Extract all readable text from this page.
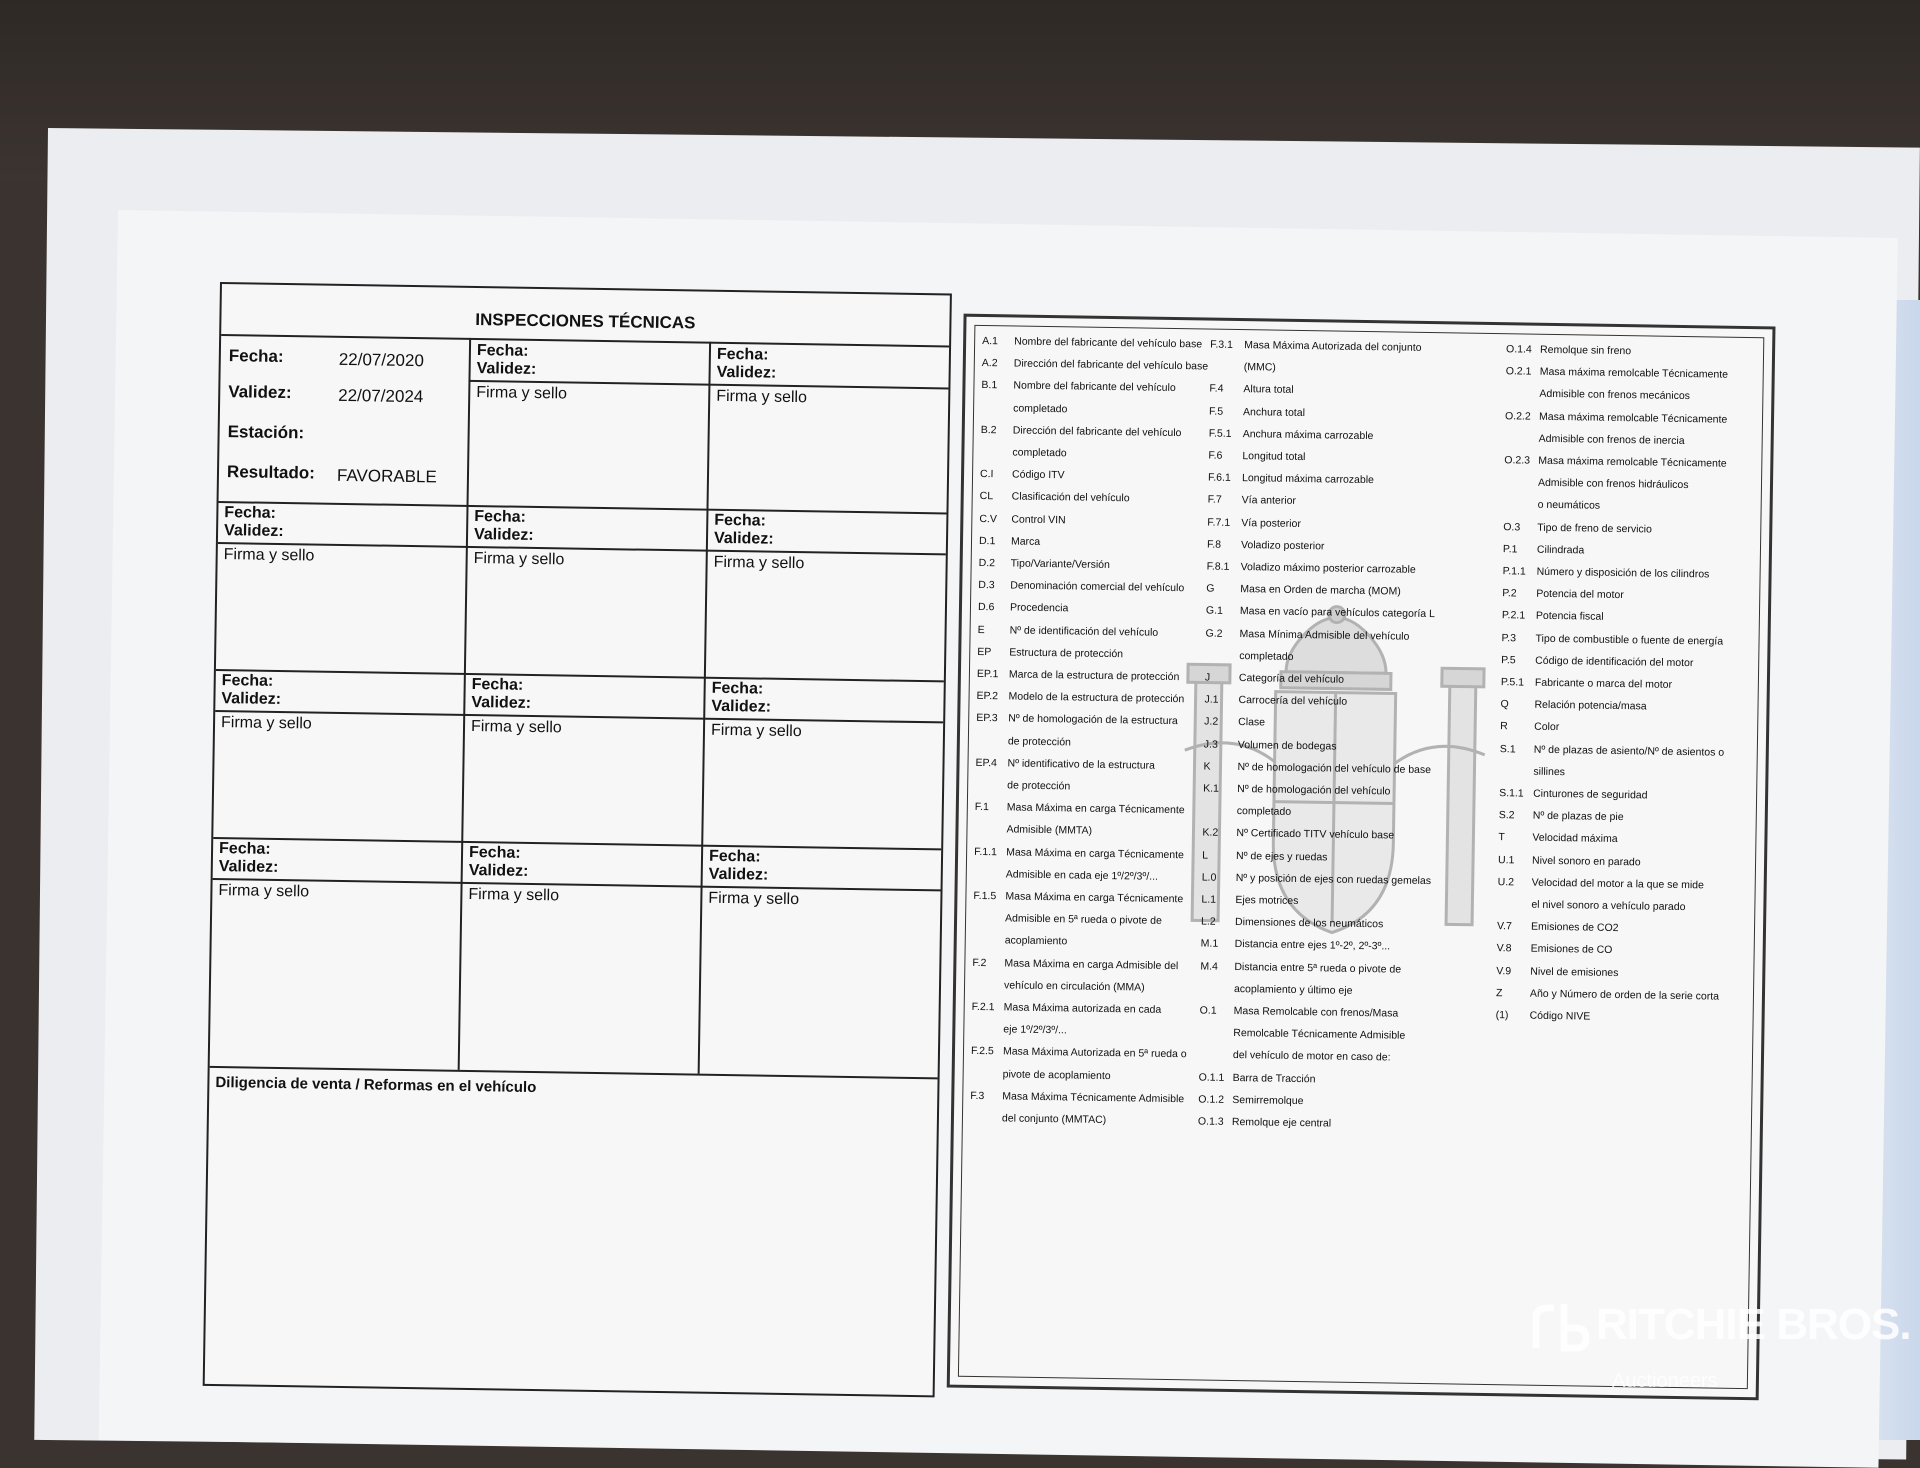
INSPECCIONES TÉCNICAS
Fecha:	22/07/2020
Validez:	22/07/2024
Estación:
Resultado: FAVORABLE
Fecha:
Validez:
Firma y sello
Fecha:
Validez:
Firma y sello
Fecha:
Validez:
Firma y sello
Fecha:
Validez:
Firma y sello
Fecha:
Validez:
Firma y sello
Fecha:
Validez:
Firma y sello
Fecha:
Validez:
Firma y sello
Fecha:
Validez:
Firma y sello
Fecha:
Validez:
Firma y sello
Fecha:
Validez:
Firma y sello
Fecha:
Validez:
Firma y sello
Diligencia de venta / Reformas en el vehículo
A.1 Nombre del fabricante del vehículo base
A.2 Dirección del fabricante del vehículo base
B.1 Nombre del fabricante del vehículo
completado
B.2 Dirección del fabricante del vehículo
completado
C.I Código ITV
CL Clasificación del vehículo
C.V Control VIN
D.1 Marca
D.2 Tipo/Variante/Versión
D.3 Denominación comercial del vehículo
D.6 Procedencia
E Nº de identificación del vehículo
EP Estructura de protección
EP.1 Marca de la estructura de protección
EP.2 Modelo de la estructura de protección
EP.3 Nº de homologación de la estructura
de protección
EP.4 Nº identificativo de la estructura
de protección
F.1 Masa Máxima en carga Técnicamente
Admisible (MMTA)
F.1.1 Masa Máxima en carga Técnicamente
Admisible en cada eje 1º/2º/3º/...
F.1.5 Masa Máxima en carga Técnicamente
Admisible en 5ª rueda o pivote de
acoplamiento
F.2 Masa Máxima en carga Admisible del
vehículo en circulación (MMA)
F.2.1 Masa Máxima autorizada en cada
eje 1º/2º/3º/...
F.2.5 Masa Máxima Autorizada en 5ª rueda o
pivote de acoplamiento
F.3 Masa Máxima Técnicamente Admisible
del conjunto (MMTAC)
F.3.1 Masa Máxima Autorizada del conjunto
(MMC)
F.4 Altura total
F.5 Anchura total
F.5.1 Anchura máxima carrozable
F.6 Longitud total
F.6.1 Longitud máxima carrozable
F.7 Vía anterior
F.7.1 Vía posterior
F.8 Voladizo posterior
F.8.1 Voladizo máximo posterior carrozable
G Masa en Orden de marcha (MOM)
G.1 Masa en vacío para vehículos categoría L
G.2 Masa Mínima Admisible del vehículo
completado
J	Categoría del vehículo
J.1 Carrocería del vehículo
J.2 Clase
J.3 Volumen de bodegas
K	Nº de homologación del vehículo de base
K.1 Nº de homologación del vehículo
completado
K.2 Nº Certificado TITV vehículo base
L	Nº de ejes y ruedas
L.0 Nº y posición de ejes con ruedas gemelas
L.1 Ejes motrices
L.2 Dimensiones de los neumáticos
M.1 Distancia entre ejes 1º-2º, 2º-3º...
M.4 Distancia entre 5ª rueda o pivote de
acoplamiento y último eje
O.1 Masa Remolcable con frenos/Masa
Remolcable Técnicamente Admisible
del vehículo de motor en caso de:
O.1.1 Barra de Tracción
O.1.2 Semirremolque
O.1.3 Remolque eje central
O.1.4 Remolque sin freno
O.2.1 Masa máxima remolcable Técnicamente
Admisible con frenos mecánicos
O.2.2 Masa máxima remolcable Técnicamente
Admisible con frenos de inercia
O.2.3 Masa máxima remolcable Técnicamente
Admisible con frenos hidráulicos
o neumáticos
O.3 Tipo de freno de servicio
P.1 Cilindrada
P.1.1 Número y disposición de los cilindros
P.2 Potencia del motor
P.2.1 Potencia fiscal
P.3 Tipo de combustible o fuente de energía
P.5 Código de identificación del motor
P.5.1 Fabricante o marca del motor
Q Relación potencia/masa
R Color
S.1 Nº de plazas de asiento/Nº de asientos o
sillines
S.1.1 Cinturones de seguridad
S.2 Nº de plazas de pie
T	Velocidad máxima
U.1 Nivel sonoro en parado
U.2 Velocidad del motor a la que se mide
el nivel sonoro a vehículo parado
V.7 Emisiones de CO2
V.8 Emisiones de CO
V.9 Nivel de emisiones
Z	Año y Número de orden de la serie corta
(1) Código NIVE
RITCHIE BROS.
Auctioneers
